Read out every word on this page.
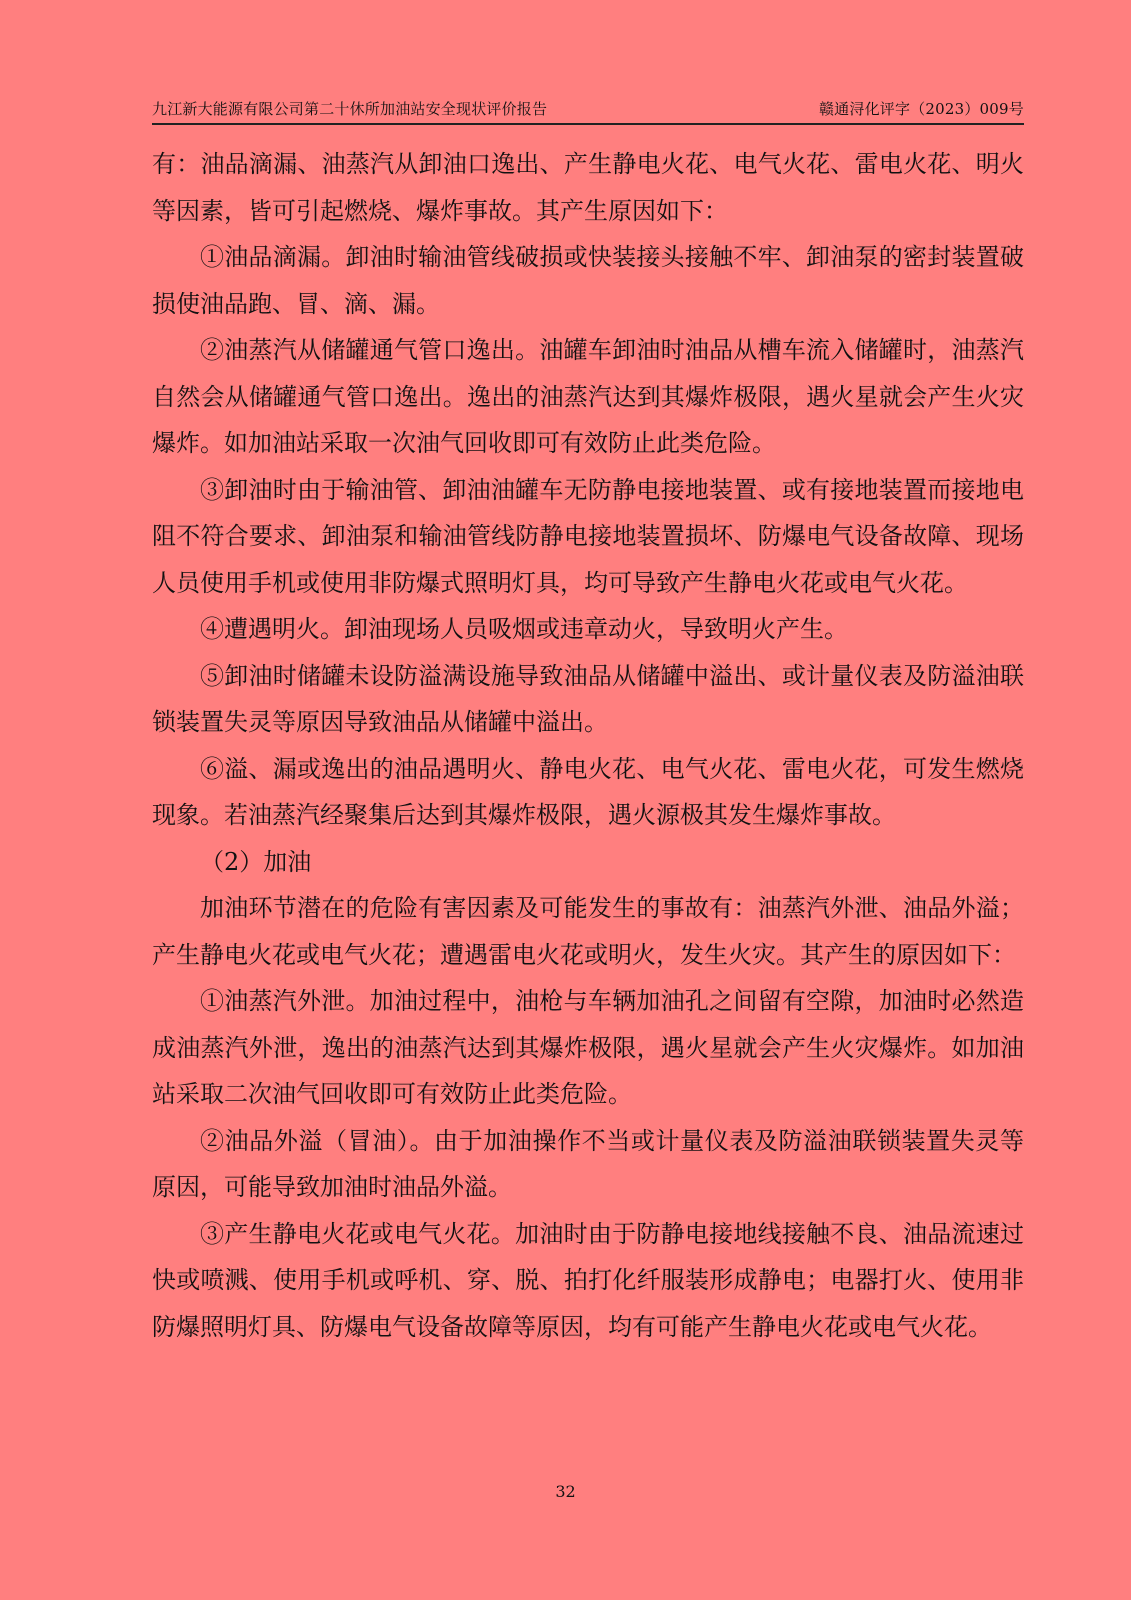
九江新大能源有限公司第二十休所加油站安全现状评价报告	赣通浔化评字（2023）009号

有：油品滴漏、油蒸汽从卸油口逸出、产生静电火花、电气火花、雷电火花、明火等因素，皆可引起燃烧、爆炸事故。其产生原因如下：

①油品滴漏。卸油时输油管线破损或快装接头接触不牢、卸油泵的密封装置破损使油品跑、冒、滴、漏。

②油蒸汽从储罐通气管口逸出。油罐车卸油时油品从槽车流入储罐时，油蒸汽自然会从储罐通气管口逸出。逸出的油蒸汽达到其爆炸极限，遇火星就会产生火灾爆炸。如加油站采取一次油气回收即可有效防止此类危险。

③卸油时由于输油管、卸油油罐车无防静电接地装置、或有接地装置而接地电阻不符合要求、卸油泵和输油管线防静电接地装置损坏、防爆电气设备故障、现场人员使用手机或使用非防爆式照明灯具，均可导致产生静电火花或电气火花。

④遭遇明火。卸油现场人员吸烟或违章动火，导致明火产生。

⑤卸油时储罐未设防溢满设施导致油品从储罐中溢出、或计量仪表及防溢油联锁装置失灵等原因导致油品从储罐中溢出。

⑥溢、漏或逸出的油品遇明火、静电火花、电气火花、雷电火花，可发生燃烧现象。若油蒸汽经聚集后达到其爆炸极限，遇火源极其发生爆炸事故。

（2）加油

加油环节潜在的危险有害因素及可能发生的事故有：油蒸汽外泄、油品外溢；产生静电火花或电气火花；遭遇雷电火花或明火，发生火灾。其产生的原因如下：

①油蒸汽外泄。加油过程中，油枪与车辆加油孔之间留有空隙，加油时必然造成油蒸汽外泄，逸出的油蒸汽达到其爆炸极限，遇火星就会产生火灾爆炸。如加油站采取二次油气回收即可有效防止此类危险。

②油品外溢（冒油）。由于加油操作不当或计量仪表及防溢油联锁装置失灵等原因，可能导致加油时油品外溢。

③产生静电火花或电气火花。加油时由于防静电接地线接触不良、油品流速过快或喷溅、使用手机或呼机、穿、脱、拍打化纤服装形成静电；电器打火、使用非防爆照明灯具、防爆电气设备故障等原因，均有可能产生静电火花或电气火花。

32
